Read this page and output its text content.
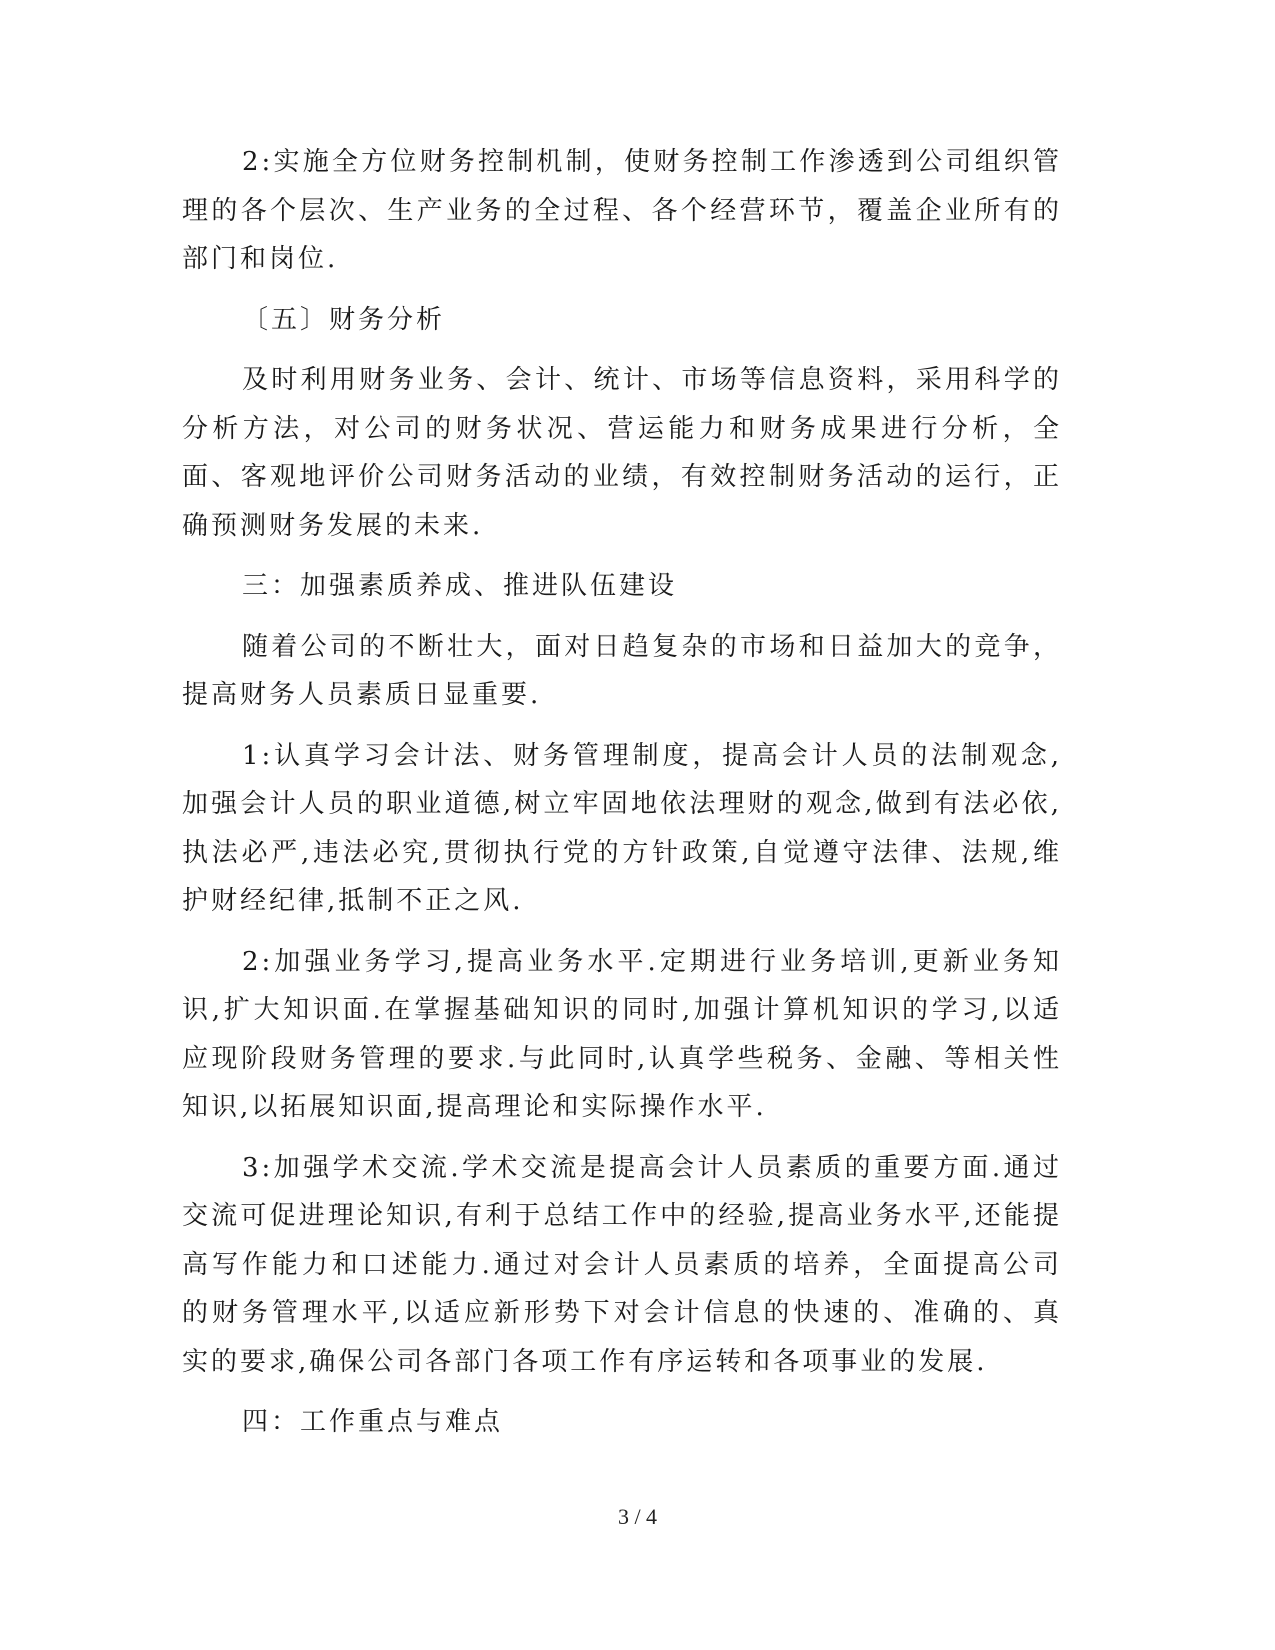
2:实施全方位财务控制机制，使财务控制工作渗透到公司组织管理的各个层次、生产业务的全过程、各个经营环节，覆盖企业所有的部门和岗位.

〔五〕财务分析

及时利用财务业务、会计、统计、市场等信息资料，采用科学的分析方法，对公司的财务状况、营运能力和财务成果进行分析，全面、客观地评价公司财务活动的业绩，有效控制财务活动的运行，正确预测财务发展的未来.

三：加强素质养成、推进队伍建设

随着公司的不断壮大，面对日趋复杂的市场和日益加大的竞争，提高财务人员素质日显重要.

1:认真学习会计法、财务管理制度，提高会计人员的法制观念,加强会计人员的职业道德,树立牢固地依法理财的观念,做到有法必依,执法必严,违法必究,贯彻执行党的方针政策,自觉遵守法律、法规,维护财经纪律,抵制不正之风.

2:加强业务学习,提高业务水平.定期进行业务培训,更新业务知识,扩大知识面.在掌握基础知识的同时,加强计算机知识的学习,以适应现阶段财务管理的要求.与此同时,认真学些税务、金融、等相关性知识,以拓展知识面,提高理论和实际操作水平.

3:加强学术交流.学术交流是提高会计人员素质的重要方面.通过交流可促进理论知识,有利于总结工作中的经验,提高业务水平,还能提高写作能力和口述能力.通过对会计人员素质的培养，全面提高公司的财务管理水平,以适应新形势下对会计信息的快速的、准确的、真实的要求,确保公司各部门各项工作有序运转和各项事业的发展.

四：工作重点与难点

3 / 4
